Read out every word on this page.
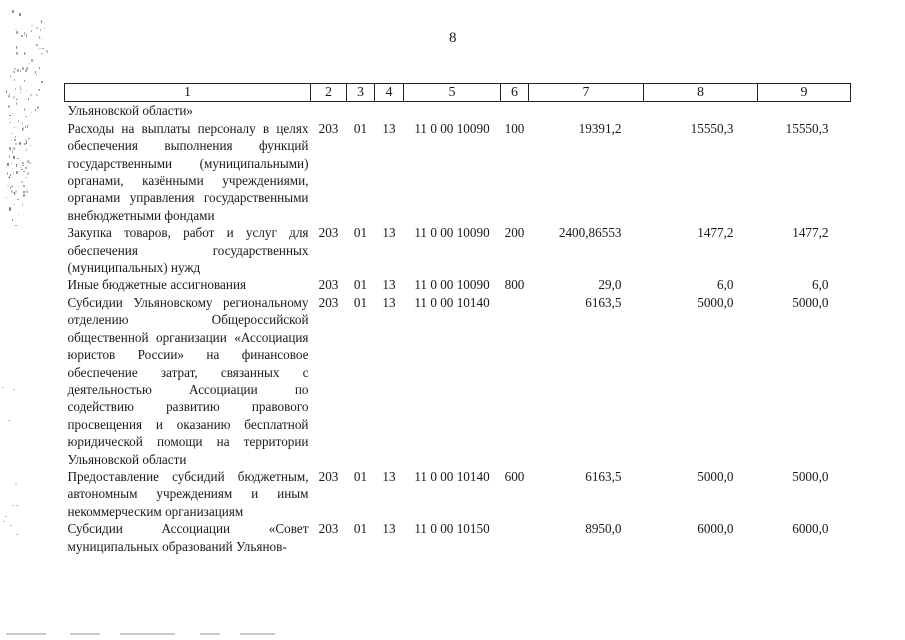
8
1	2	3	4	5	6	7	8	9
Ульяновской области»								
Расходы на выплаты персоналу в целях обеспечения выполнения функций государственными (муниципальными) органами, казёнными учреждениями, органами управления государственными внебюджетными фондами	203	01	13	11 0 00 10090	100	19391,2	15550,3	15550,3
Закупка товаров, работ и услуг для обеспечения государственных (муниципальных) нужд	203	01	13	11 0 00 10090	200	2400,86553	1477,2	1477,2
Иные бюджетные ассигнования	203	01	13	11 0 00 10090	800	29,0	6,0	6,0
Субсидии Ульяновскому региональному отделению Общероссийской общественной организации «Ассоциация юристов России» на финансовое обеспечение затрат, связанных с деятельностью Ассоциации по содействию развитию правового просвещения и оказанию бесплатной юридической помощи на территории Ульяновской области	203	01	13	11 0 00 10140		6163,5	5000,0	5000,0
Предоставление субсидий бюджетным, автономным учреждениям и иным некоммерческим организациям	203	01	13	11 0 00 10140	600	6163,5	5000,0	5000,0
Субсидии Ассоциации «Совет муниципальных образований Ульянов-	203	01	13	11 0 00 10150		8950,0	6000,0	6000,0
